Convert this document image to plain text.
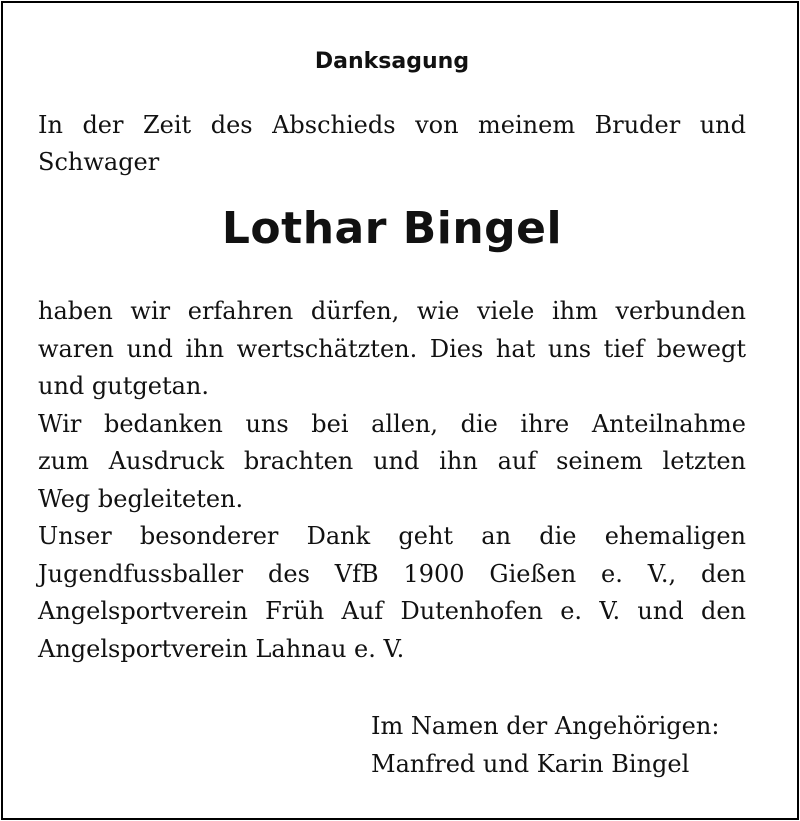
Danksagung
In der Zeit des Abschieds von meinem Bruder und Schwager
Lothar Bingel
haben wir erfahren dürfen, wie viele ihm verbunden
waren und ihn wertschätzten. Dies hat uns tief bewegt
und gutgetan.
Wir bedanken uns bei allen, die ihre Anteilnahme
zum Ausdruck brachten und ihn auf seinem letzten
Weg begleiteten.
Unser besonderer Dank geht an die ehemaligen
Jugendfussballer des VfB 1900 Gießen e. V., den
Angelsportverein Früh Auf Dutenhofen e. V. und den
Angelsportverein Lahnau e. V.
Im Namen der Angehörigen:
Manfred und Karin Bingel
